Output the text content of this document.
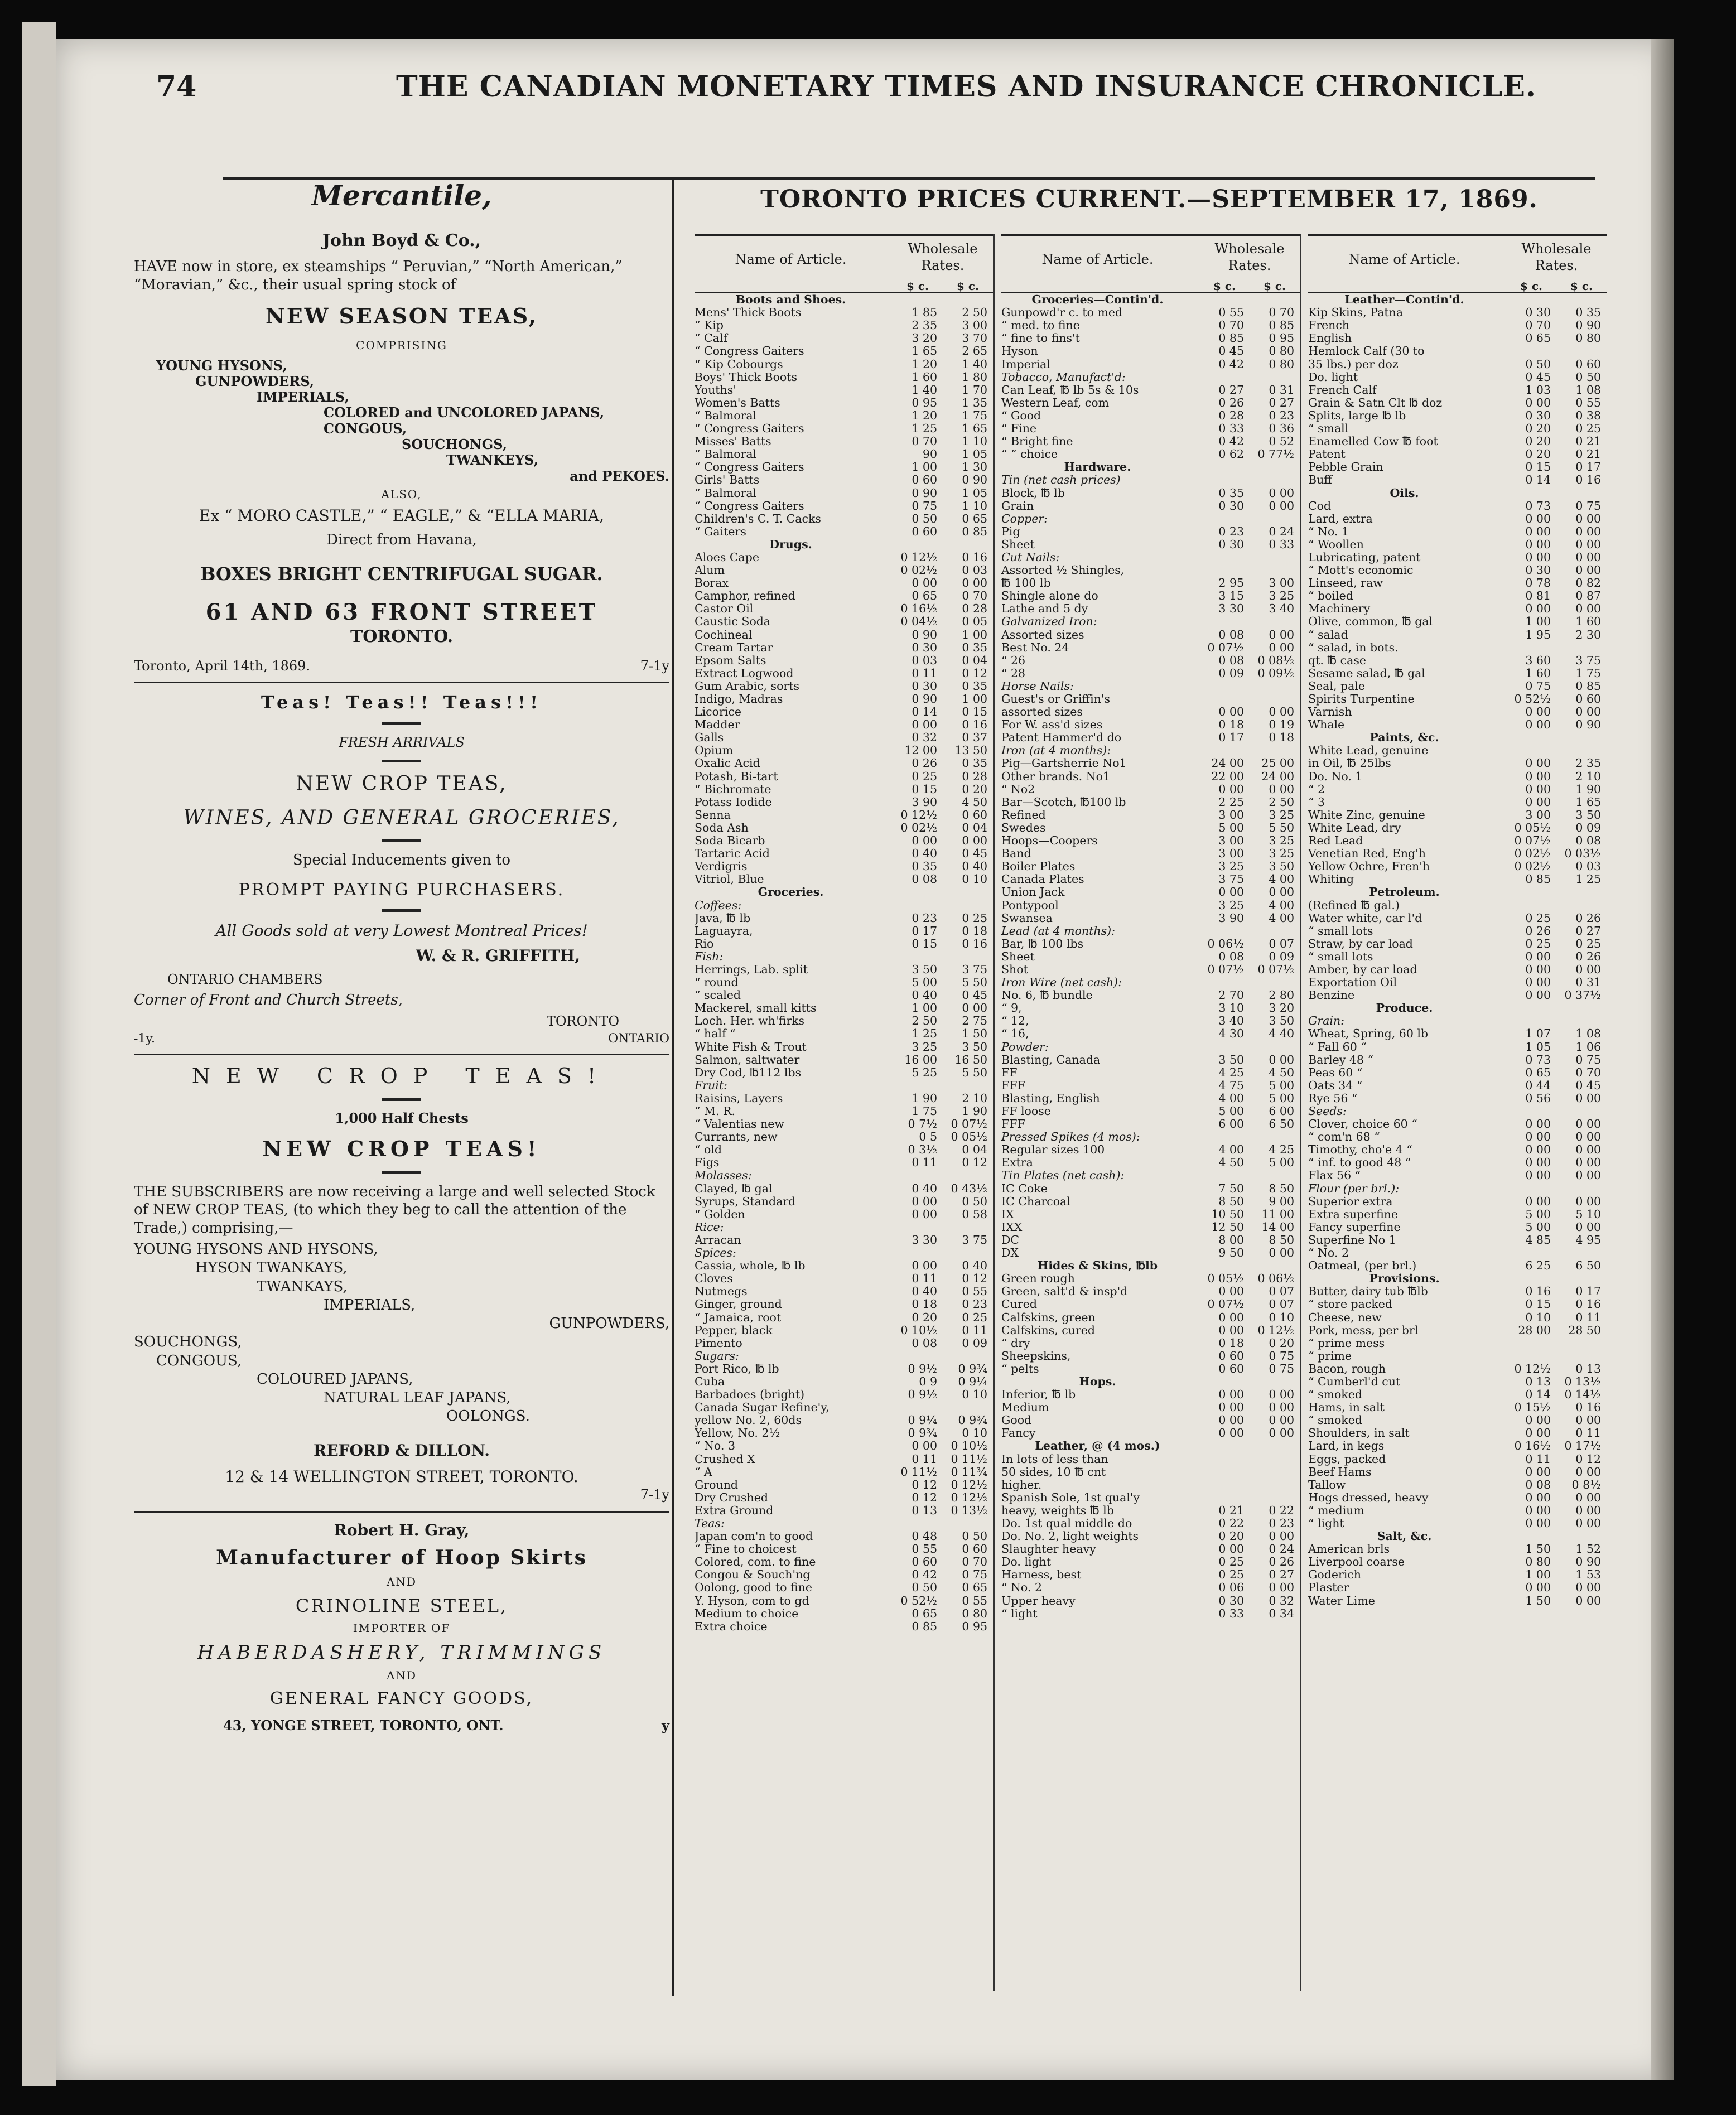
74	THE CANADIAN MONETARY TIMES AND INSURANCE CHRONICLE.

Mercantile,

John Boyd & Co.,

HAVE now in store, ex steamships “ Peruvian,” “North American,” “Moravian,” &c., their usual spring stock of

NEW SEASON TEAS,

COMPRISING

YOUNG HYSONS,
GUNPOWDERS,
IMPERIALS,
COLORED and UNCOLORED JAPANS,
CONGOUS,
SOUCHONGS,
TWANKEYS,
and PEKOES.

ALSO,

Ex “ MORO CASTLE,” “ EAGLE,” & “ELLA MARIA,

Direct from Havana,

BOXES BRIGHT CENTRIFUGAL SUGAR.

61 AND 63 FRONT STREET

TORONTO.

Toronto, April 14th, 1869.	7-1y

Teas! Teas!! Teas!!!

FRESH ARRIVALS

NEW CROP TEAS,

WINES, AND GENERAL GROCERIES,

Special Inducements given to

PROMPT PAYING PURCHASERS.

All Goods sold at very Lowest Montreal Prices!

W. & R. GRIFFITH,

ONTARIO CHAMBERS

Corner of Front and Church Streets,

TORONTO

-1y.	ONTARIO

NEW CROP TEAS!

1,000 Half Chests

NEW CROP TEAS!

THE SUBSCRIBERS are now receiving a large and well selected Stock of NEW CROP TEAS, (to which they beg to call the attention of the Trade,) comprising,—

YOUNG HYSONS AND HYSONS,
HYSON TWANKAYS,
TWANKAYS,
IMPERIALS,
GUNPOWDERS,
SOUCHONGS,
CONGOUS,
COLOURED JAPANS,
NATURAL LEAF JAPANS,
OOLONGS.

REFORD & DILLON.

12 & 14 WELLINGTON STREET, TORONTO.

7-1y

Robert H. Gray,

Manufacturer of Hoop Skirts

AND

CRINOLINE STEEL,

IMPORTER OF

HABERDASHERY, TRIMMINGS

AND

GENERAL FANCY GOODS,

43, YONGE STREET, TORONTO, ONT.	y
TORONTO PRICES CURRENT.—SEPTEMBER 17, 1869.
Name of Article.
Wholesale Rates.
$ c.	$ c.
Boots and Shoes.
Mens' Thick Boots	1 85	2 50
“ Kip	2 35	3 00
“ Calf	3 20	3 70
“ Congress Gaiters	1 65	2 65
“ Kip Cobourgs	1 20	1 40
Boys' Thick Boots	1 60	1 80
Youths'	1 40	1 70
Women's Batts	0 95	1 35
“ Balmoral	1 20	1 75
“ Congress Gaiters	1 25	1 65
Misses' Batts	0 70	1 10
“ Balmoral	90	1 05
“ Congress Gaiters	1 00	1 30
Girls' Batts	0 60	0 90
“ Balmoral	0 90	1 05
“ Congress Gaiters	0 75	1 10
Children's C. T. Cacks	0 50	0 65
“ Gaiters	0 60	0 85
Drugs.
Aloes Cape	0 12½	0 16
Alum	0 02½	0 03
Borax	0 00	0 00
Camphor, refined	0 65	0 70
Castor Oil	0 16½	0 28
Caustic Soda	0 04½	0 05
Cochineal	0 90	1 00
Cream Tartar	0 30	0 35
Epsom Salts	0 03	0 04
Extract Logwood	0 11	0 12
Gum Arabic, sorts	0 30	0 35
Indigo, Madras	0 90	1 00
Licorice	0 14	0 15
Madder	0 00	0 16
Galls	0 32	0 37
Opium	12 00	13 50
Oxalic Acid	0 26	0 35
Potash, Bi-tart	0 25	0 28
“ Bichromate	0 15	0 20
Potass Iodide	3 90	4 50
Senna	0 12½	0 60
Soda Ash	0 02½	0 04
Soda Bicarb	0 00	0 00
Tartaric Acid	0 40	0 45
Verdigris	0 35	0 40
Vitriol, Blue	0 08	0 10
Groceries.
Coffees:
Java, ℔ lb	0 23	0 25
Laguayra,	0 17	0 18
Rio	0 15	0 16
Fish:
Herrings, Lab. split	3 50	3 75
“ round	5 00	5 50
“ scaled	0 40	0 45
Mackerel, small kitts	1 00	0 00
Loch. Her. wh'firks	2 50	2 75
“ half “	1 25	1 50
White Fish & Trout	3 25	3 50
Salmon, saltwater	16 00	16 50
Dry Cod, ℔112 lbs	5 25	5 50
Fruit:
Raisins, Layers	1 90	2 10
“ M. R.	1 75	1 90
“ Valentias new	0 7½	0 07½
Currants, new	0 5	0 05½
“ old	0 3½	0 04
Figs	0 11	0 12
Molasses:
Clayed, ℔ gal	0 40	0 43½
Syrups, Standard	0 00	0 50
“ Golden	0 00	0 58
Rice:
Arracan	3 30	3 75
Spices:
Cassia, whole, ℔ lb	0 00	0 40
Cloves	0 11	0 12
Nutmegs	0 40	0 55
Ginger, ground	0 18	0 23
“ Jamaica, root	0 20	0 25
Pepper, black	0 10½	0 11
Pimento	0 08	0 09
Sugars:
Port Rico, ℔ lb	0 9½	0 9¾
Cuba	0 9	0 9¼
Barbadoes (bright)	0 9½	0 10
Canada Sugar Refine'y,
yellow No. 2, 60ds	0 9¼	0 9¾
Yellow, No. 2½	0 9¾	0 10
“ No. 3	0 00	0 10½
Crushed X	0 11	0 11½
“ A	0 11½	0 11¾
Ground	0 12	0 12½
Dry Crushed	0 12	0 12½
Extra Ground	0 13	0 13½
Teas:
Japan com'n to good	0 48	0 50
“ Fine to choicest	0 55	0 60
Colored, com. to fine	0 60	0 70
Congou & Souch'ng	0 42	0 75
Oolong, good to fine	0 50	0 65
Y. Hyson, com to gd	0 52½	0 55
Medium to choice	0 65	0 80
Extra choice	0 85	0 95
Name of Article.
Wholesale Rates.
$ c.	$ c.
Groceries—Contin'd.
Gunpowd'r c. to med	0 55	0 70
“ med. to fine	0 70	0 85
“ fine to fins't	0 85	0 95
Hyson	0 45	0 80
Imperial	0 42	0 80
Tobacco, Manufact'd:
Can Leaf, ℔ lb 5s & 10s	0 27	0 31
Western Leaf, com	0 26	0 27
“ Good	0 28	0 23
“ Fine	0 33	0 36
“ Bright fine	0 42	0 52
“ “ choice	0 62	0 77½
Hardware.
Tin (net cash prices)
Block, ℔ lb	0 35	0 00
Grain	0 30	0 00
Copper:
Pig	0 23	0 24
Sheet	0 30	0 33
Cut Nails:
Assorted ½ Shingles,
℔ 100 lb	2 95	3 00
Shingle alone do	3 15	3 25
Lathe and 5 dy	3 30	3 40
Galvanized Iron:
Assorted sizes	0 08	0 00
Best No. 24	0 07½	0 00
“ 26	0 08	0 08½
“ 28	0 09	0 09½
Horse Nails:
Guest's or Griffin's
assorted sizes	0 00	0 00
For W. ass'd sizes	0 18	0 19
Patent Hammer'd do	0 17	0 18
Iron (at 4 months):
Pig—Gartsherrie No1	24 00	25 00
Other brands. No1	22 00	24 00
“ No2	0 00	0 00
Bar—Scotch, ℔100 lb	2 25	2 50
Refined	3 00	3 25
Swedes	5 00	5 50
Hoops—Coopers	3 00	3 25
Band	3 00	3 25
Boiler Plates	3 25	3 50
Canada Plates	3 75	4 00
Union Jack	0 00	0 00
Pontypool	3 25	4 00
Swansea	3 90	4 00
Lead (at 4 months):
Bar, ℔ 100 lbs	0 06½	0 07
Sheet	0 08	0 09
Shot	0 07½	0 07½
Iron Wire (net cash):
No. 6, ℔ bundle	2 70	2 80
“ 9,	3 10	3 20
“ 12,	3 40	3 50
“ 16,	4 30	4 40
Powder:
Blasting, Canada	3 50	0 00
FF	4 25	4 50
FFF	4 75	5 00
Blasting, English	4 00	5 00
FF loose	5 00	6 00
FFF	6 00	6 50
Pressed Spikes (4 mos):
Regular sizes 100	4 00	4 25
Extra	4 50	5 00
Tin Plates (net cash):
IC Coke	7 50	8 50
IC Charcoal	8 50	9 00
IX	10 50	11 00
IXX	12 50	14 00
DC	8 00	8 50
DX	9 50	0 00
Hides & Skins, ℔lb
Green rough	0 05½	0 06½
Green, salt'd & insp'd	0 00	0 07
Cured	0 07½	0 07
Calfskins, green	0 00	0 10
Calfskins, cured	0 00	0 12½
“ dry	0 18	0 20
Sheepskins,	0 60	0 75
“ pelts	0 60	0 75
Hops.
Inferior, ℔ lb	0 00	0 00
Medium	0 00	0 00
Good	0 00	0 00
Fancy	0 00	0 00
Leather, @ (4 mos.)
In lots of less than
50 sides, 10 ℔ cnt
higher.
Spanish Sole, 1st qual'y
heavy, weights ℔ lb	0 21	0 22
Do. 1st qual middle do	0 22	0 23
Do. No. 2, light weights	0 20	0 00
Slaughter heavy	0 00	0 24
Do. light	0 25	0 26
Harness, best	0 25	0 27
“ No. 2	0 06	0 00
Upper heavy	0 30	0 32
“ light	0 33	0 34
Name of Article.
Wholesale Rates.
$ c.	$ c.
Leather—Contin'd.
Kip Skins, Patna	0 30	0 35
French	0 70	0 90
English	0 65	0 80
Hemlock Calf (30 to
35 lbs.) per doz	0 50	0 60
Do. light	0 45	0 50
French Calf	1 03	1 08
Grain & Satn Clt ℔ doz	0 00	0 55
Splits, large ℔ lb	0 30	0 38
“ small	0 20	0 25
Enamelled Cow ℔ foot	0 20	0 21
Patent	0 20	0 21
Pebble Grain	0 15	0 17
Buff	0 14	0 16
Oils.
Cod	0 73	0 75
Lard, extra	0 00	0 00
“ No. 1	0 00	0 00
“ Woollen	0 00	0 00
Lubricating, patent	0 00	0 00
“ Mott's economic	0 30	0 00
Linseed, raw	0 78	0 82
“ boiled	0 81	0 87
Machinery	0 00	0 00
Olive, common, ℔ gal	1 00	1 60
“ salad	1 95	2 30
“ salad, in bots.
qt. ℔ case	3 60	3 75
Sesame salad, ℔ gal	1 60	1 75
Seal, pale	0 75	0 85
Spirits Turpentine	0 52½	0 60
Varnish	0 00	0 00
Whale	0 00	0 90
Paints, &c.
White Lead, genuine
in Oil, ℔ 25lbs	0 00	2 35
Do. No. 1	0 00	2 10
“ 2	0 00	1 90
“ 3	0 00	1 65
White Zinc, genuine	3 00	3 50
White Lead, dry	0 05½	0 09
Red Lead	0 07½	0 08
Venetian Red, Eng'h	0 02½	0 03½
Yellow Ochre, Fren'h	0 02½	0 03
Whiting	0 85	1 25
Petroleum.
(Refined ℔ gal.)
Water white, car l'd	0 25	0 26
“ small lots	0 26	0 27
Straw, by car load	0 25	0 25
“ small lots	0 00	0 26
Amber, by car load	0 00	0 00
Exportation Oil	0 00	0 31
Benzine	0 00	0 37½
Produce.
Grain:
Wheat, Spring, 60 lb	1 07	1 08
“ Fall 60 “	1 05	1 06
Barley 48 “	0 73	0 75
Peas 60 “	0 65	0 70
Oats 34 “	0 44	0 45
Rye 56 “	0 56	0 00
Seeds:
Clover, choice 60 “	0 00	0 00
“ com'n 68 “	0 00	0 00
Timothy, cho'e 4 “	0 00	0 00
“ inf. to good 48 “	0 00	0 00
Flax 56 “	0 00	0 00
Flour (per brl.):
Superior extra	0 00	0 00
Extra superfine	5 00	5 10
Fancy superfine	5 00	0 00
Superfine No 1	4 85	4 95
“ No. 2
Oatmeal, (per brl.)	6 25	6 50
Provisions.
Butter, dairy tub ℔lb	0 16	0 17
“ store packed	0 15	0 16
Cheese, new	0 10	0 11
Pork, mess, per brl	28 00	28 50
“ prime mess
“ prime
Bacon, rough	0 12½	0 13
“ Cumberl'd cut	0 13	0 13½
“ smoked	0 14	0 14½
Hams, in salt	0 15½	0 16
“ smoked	0 00	0 00
Shoulders, in salt	0 00	0 11
Lard, in kegs	0 16½	0 17½
Eggs, packed	0 11	0 12
Beef Hams	0 00	0 00
Tallow	0 08	0 8½
Hogs dressed, heavy	0 00	0 00
“ medium	0 00	0 00
“ light	0 00	0 00
Salt, &c.
American brls	1 50	1 52
Liverpool coarse	0 80	0 90
Goderich	1 00	1 53
Plaster	0 00	0 00
Water Lime	1 50	0 00
